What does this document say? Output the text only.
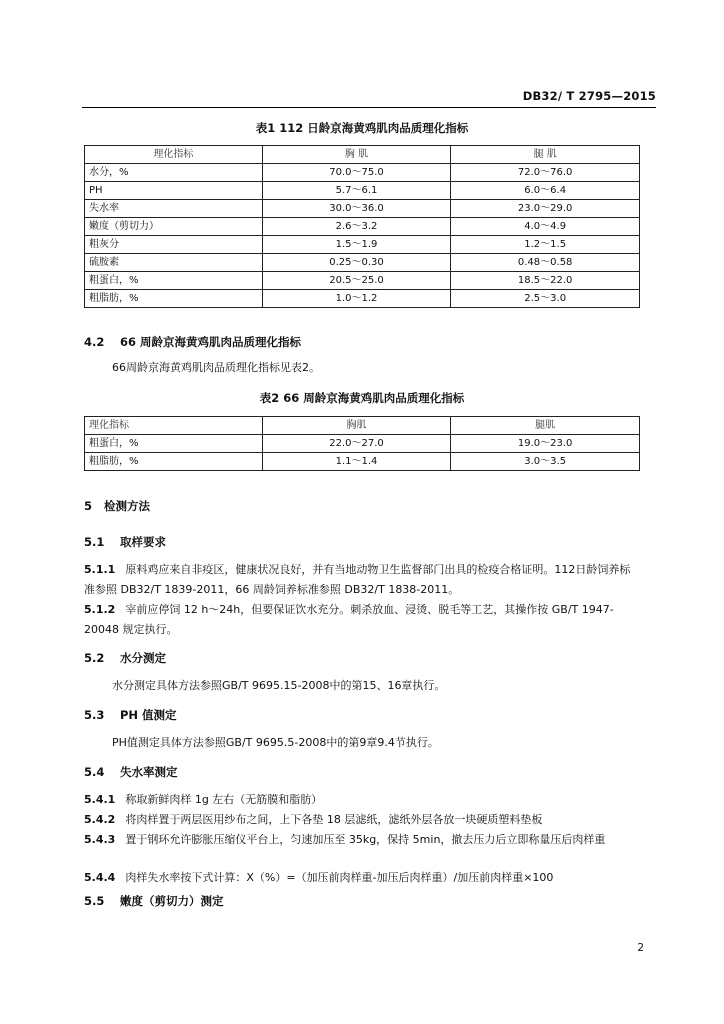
DB32/ T 2795—2015
表1 112 日龄京海黄鸡肌肉品质理化指标
理化指标	胸 肌	腿 肌
水分，%	70.0～75.0	72.0～76.0
PH	5.7～6.1	6.0～6.4
失水率	30.0～36.0	23.0～29.0
嫩度（剪切力）	2.6～3.2	4.0～4.9
粗灰分	1.5～1.9	1.2～1.5
硫胺素	0.25～0.30	0.48～0.58
粗蛋白，%	20.5～25.0	18.5～22.0
粗脂肪，%	1.0～1.2	2.5～3.0
4.2 66 周龄京海黄鸡肌肉品质理化指标
66周龄京海黄鸡肌肉品质理化指标见表2。
表2 66 周龄京海黄鸡肌肉品质理化指标
理化指标	胸肌	腿肌
粗蛋白，%	22.0～27.0	19.0～23.0
粗脂肪，%	1.1～1.4	3.0～3.5
5 检测方法
5.1 取样要求
5.1.1 原料鸡应来自非疫区，健康状况良好，并有当地动物卫生监督部门出具的检疫合格证明。112日龄饲养标准参照 DB32/T 1839-2011，66 周龄饲养标准参照 DB32/T 1838-2011。
5.1.2 宰前应停饲 12 h～24h，但要保证饮水充分。刺杀放血、浸烫、脱毛等工艺，其操作按 GB/T 1947-20048 规定执行。
5.2 水分测定
水分测定具体方法参照GB/T 9695.15-2008中的第15、16章执行。
5.3 PH 值测定
PH值测定具体方法参照GB/T 9695.5-2008中的第9章9.4节执行。
5.4 失水率测定
5.4.1 称取新鲜肉样 1g 左右（无筋膜和脂肪）
5.4.2 将肉样置于两层医用纱布之间，上下各垫 18 层滤纸，滤纸外层各放一块硬质塑料垫板
5.4.3 置于钢环允许膨胀压缩仪平台上，匀速加压至 35kg，保持 5min，撤去压力后立即称量压后肉样重
5.4.4 肉样失水率按下式计算：X（%）=（加压前肉样重-加压后肉样重）/加压前肉样重×100
5.5 嫩度（剪切力）测定
2
